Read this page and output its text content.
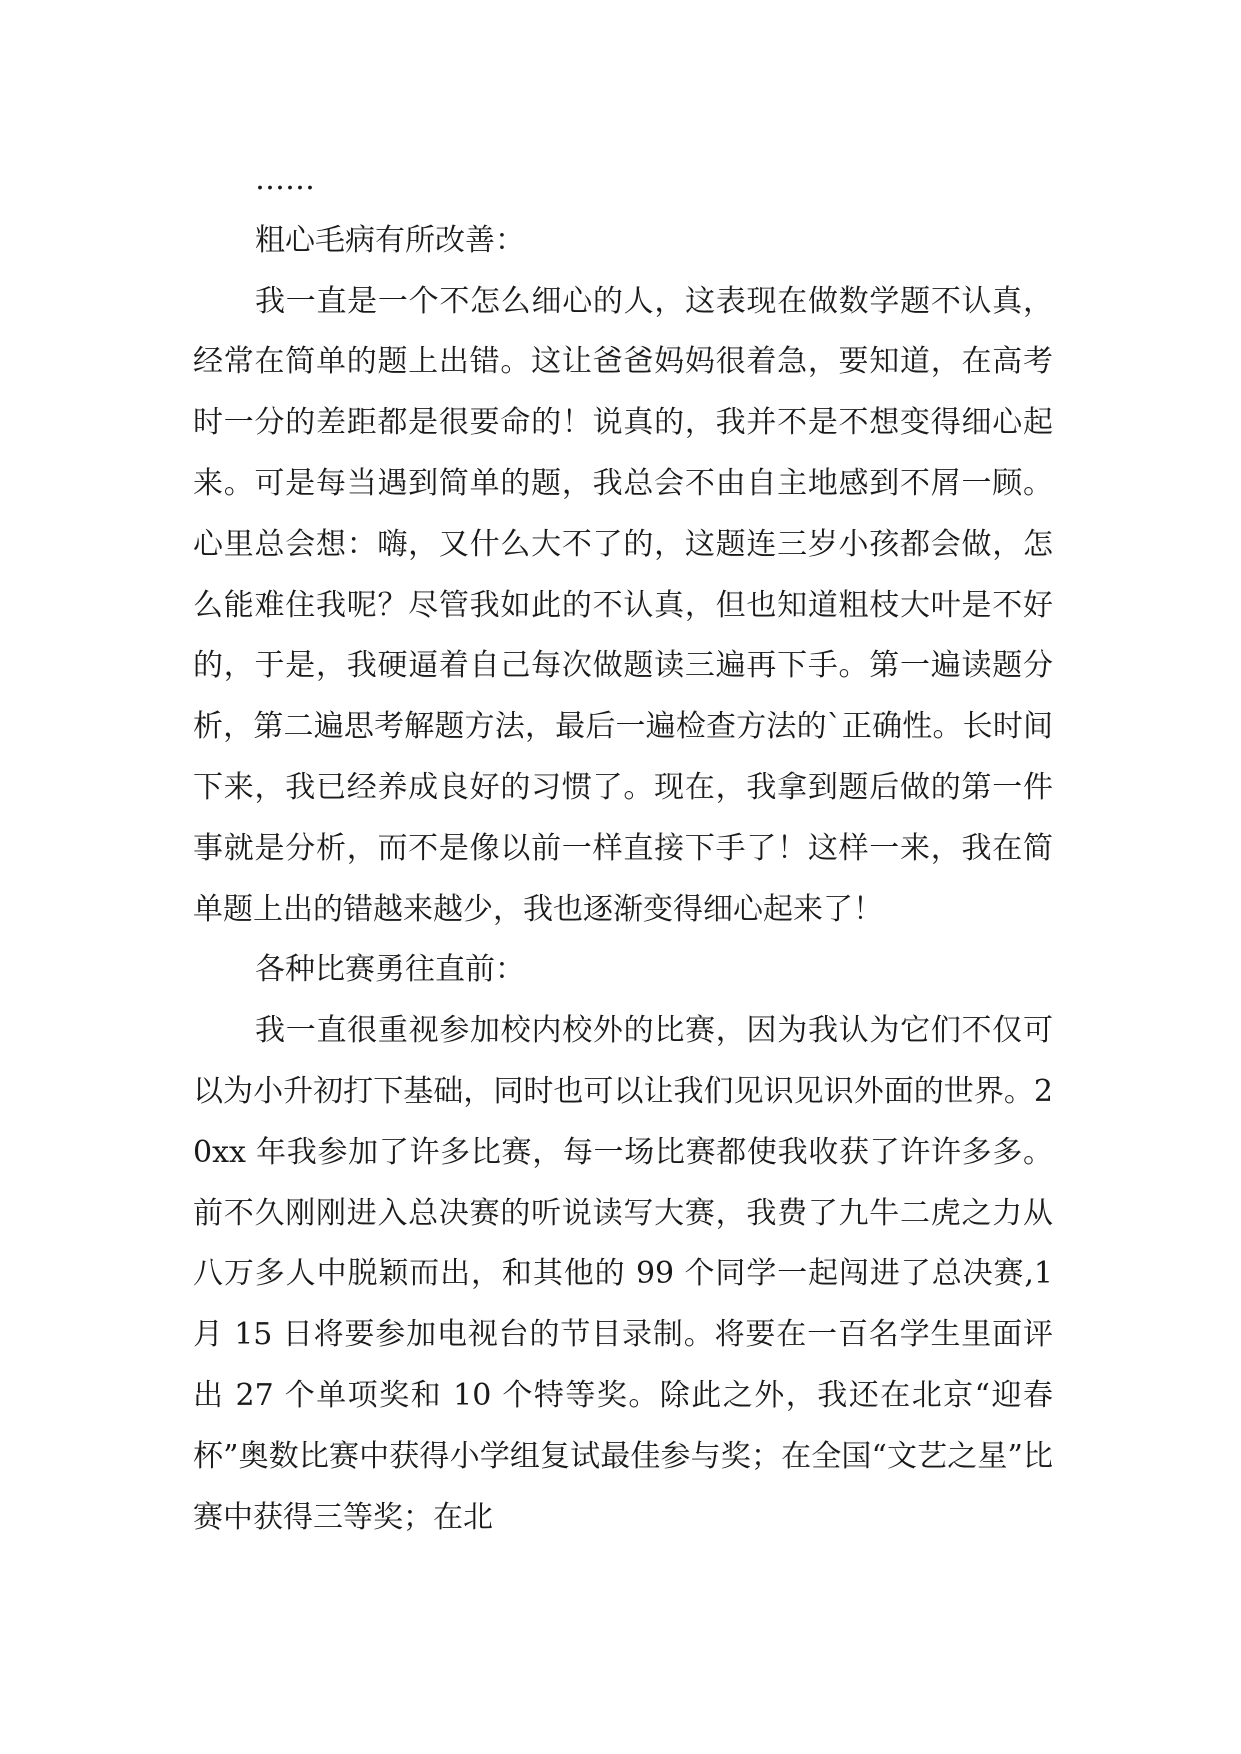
……

粗心毛病有所改善：

我一直是一个不怎么细心的人，这表现在做数学题不认真，经常在简单的题上出错。这让爸爸妈妈很着急，要知道，在高考时一分的差距都是很要命的！说真的，我并不是不想变得细心起来。可是每当遇到简单的题，我总会不由自主地感到不屑一顾。心里总会想：嗨，又什么大不了的，这题连三岁小孩都会做，怎么能难住我呢？尽管我如此的不认真，但也知道粗枝大叶是不好的，于是，我硬逼着自己每次做题读三遍再下手。第一遍读题分析，第二遍思考解题方法，最后一遍检查方法的`正确性。长时间下来，我已经养成良好的习惯了。现在，我拿到题后做的第一件事就是分析，而不是像以前一样直接下手了！这样一来，我在简单题上出的错越来越少，我也逐渐变得细心起来了！

各种比赛勇往直前：

我一直很重视参加校内校外的比赛，因为我认为它们不仅可以为小升初打下基础，同时也可以让我们见识见识外面的世界。20xx 年我参加了许多比赛，每一场比赛都使我收获了许许多多。前不久刚刚进入总决赛的听说读写大赛，我费了九牛二虎之力从八万多人中脱颖而出，和其他的 99 个同学一起闯进了总决赛,1 月 15 日将要参加电视台的节目录制。将要在一百名学生里面评出 27 个单项奖和 10 个特等奖。除此之外，我还在北京“迎春杯”奥数比赛中获得小学组复试最佳参与奖；在全国“文艺之星”比赛中获得三等奖；在北
